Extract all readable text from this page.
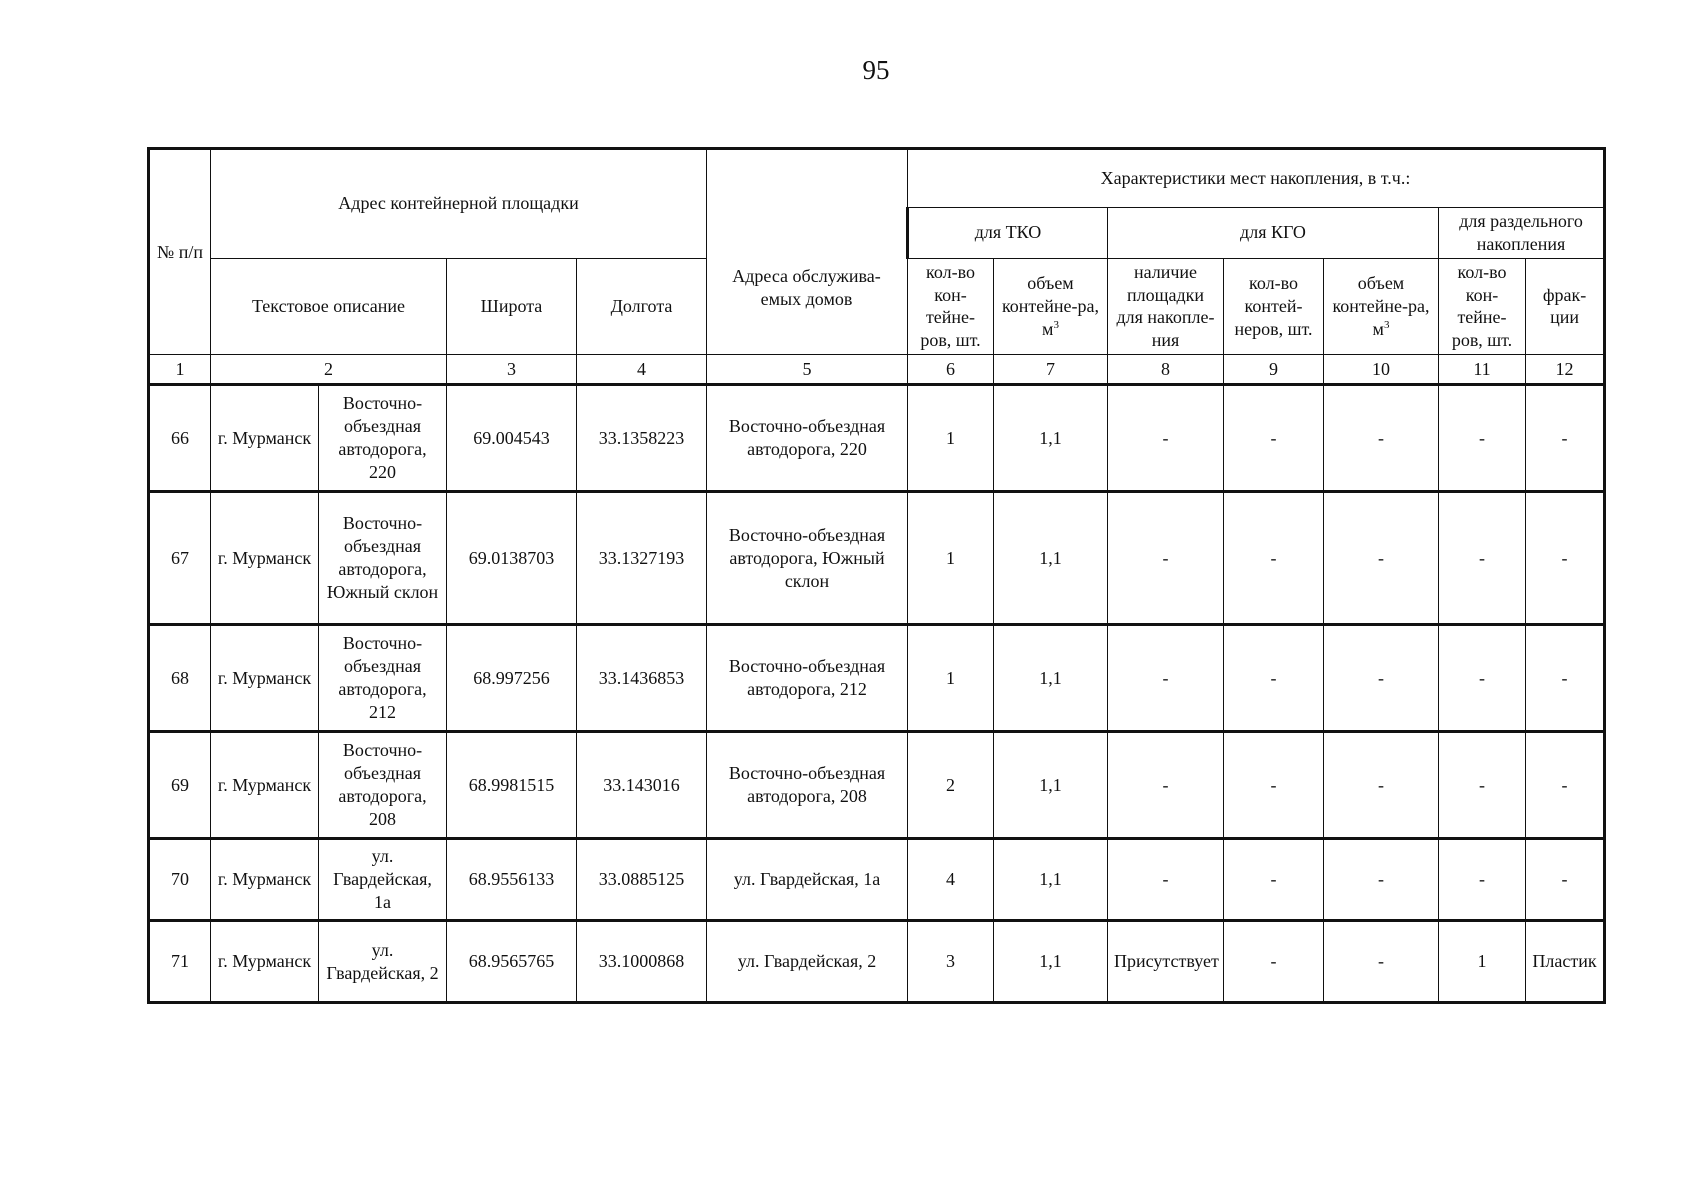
95
№ п/п	Адрес контейнерной площадки				Адреса обслужива-емых домов	Характеристики мест накопления, в т.ч.:						
						для ТКО		для КГО			для раздельного накопления	
	Текстовое описание		Широта	Долгота		кол-во кон-тейне-ров, шт.	объем контейне-ра, $м^3$	наличие площадки для накопле-ния	кол-во контей-неров, шт.	объем контейне-ра, $м^3$	кол-во кон-тейне-ров, шт.	фрак-ции
1	2		3	4	5	6	7	8	9	10	11	12
66	г. Мурманск	Восточно-объездная автодорога, 220	69.004543	33.1358223	Восточно-объездная автодорога, 220	1	1,1	-	-	-	-	-
67	г. Мурманск	Восточно-объездная автодорога, Южный склон	69.0138703	33.1327193	Восточно-объездная автодорога, Южный склон	1	1,1	-	-	-	-	-
68	г. Мурманск	Восточно-объездная автодорога, 212	68.997256	33.1436853	Восточно-объездная автодорога, 212	1	1,1	-	-	-	-	-
69	г. Мурманск	Восточно-объездная автодорога, 208	68.9981515	33.143016	Восточно-объездная автодорога, 208	2	1,1	-	-	-	-	-
70	г. Мурманск	ул. Гвардейская, 1а	68.9556133	33.0885125	ул. Гвардейская, 1а	4	1,1	-	-	-	-	-
71	г. Мурманск	ул. Гвардейская, 2	68.9565765	33.1000868	ул. Гвардейская, 2	3	1,1	Присутствует	-	-	1	Пластик
